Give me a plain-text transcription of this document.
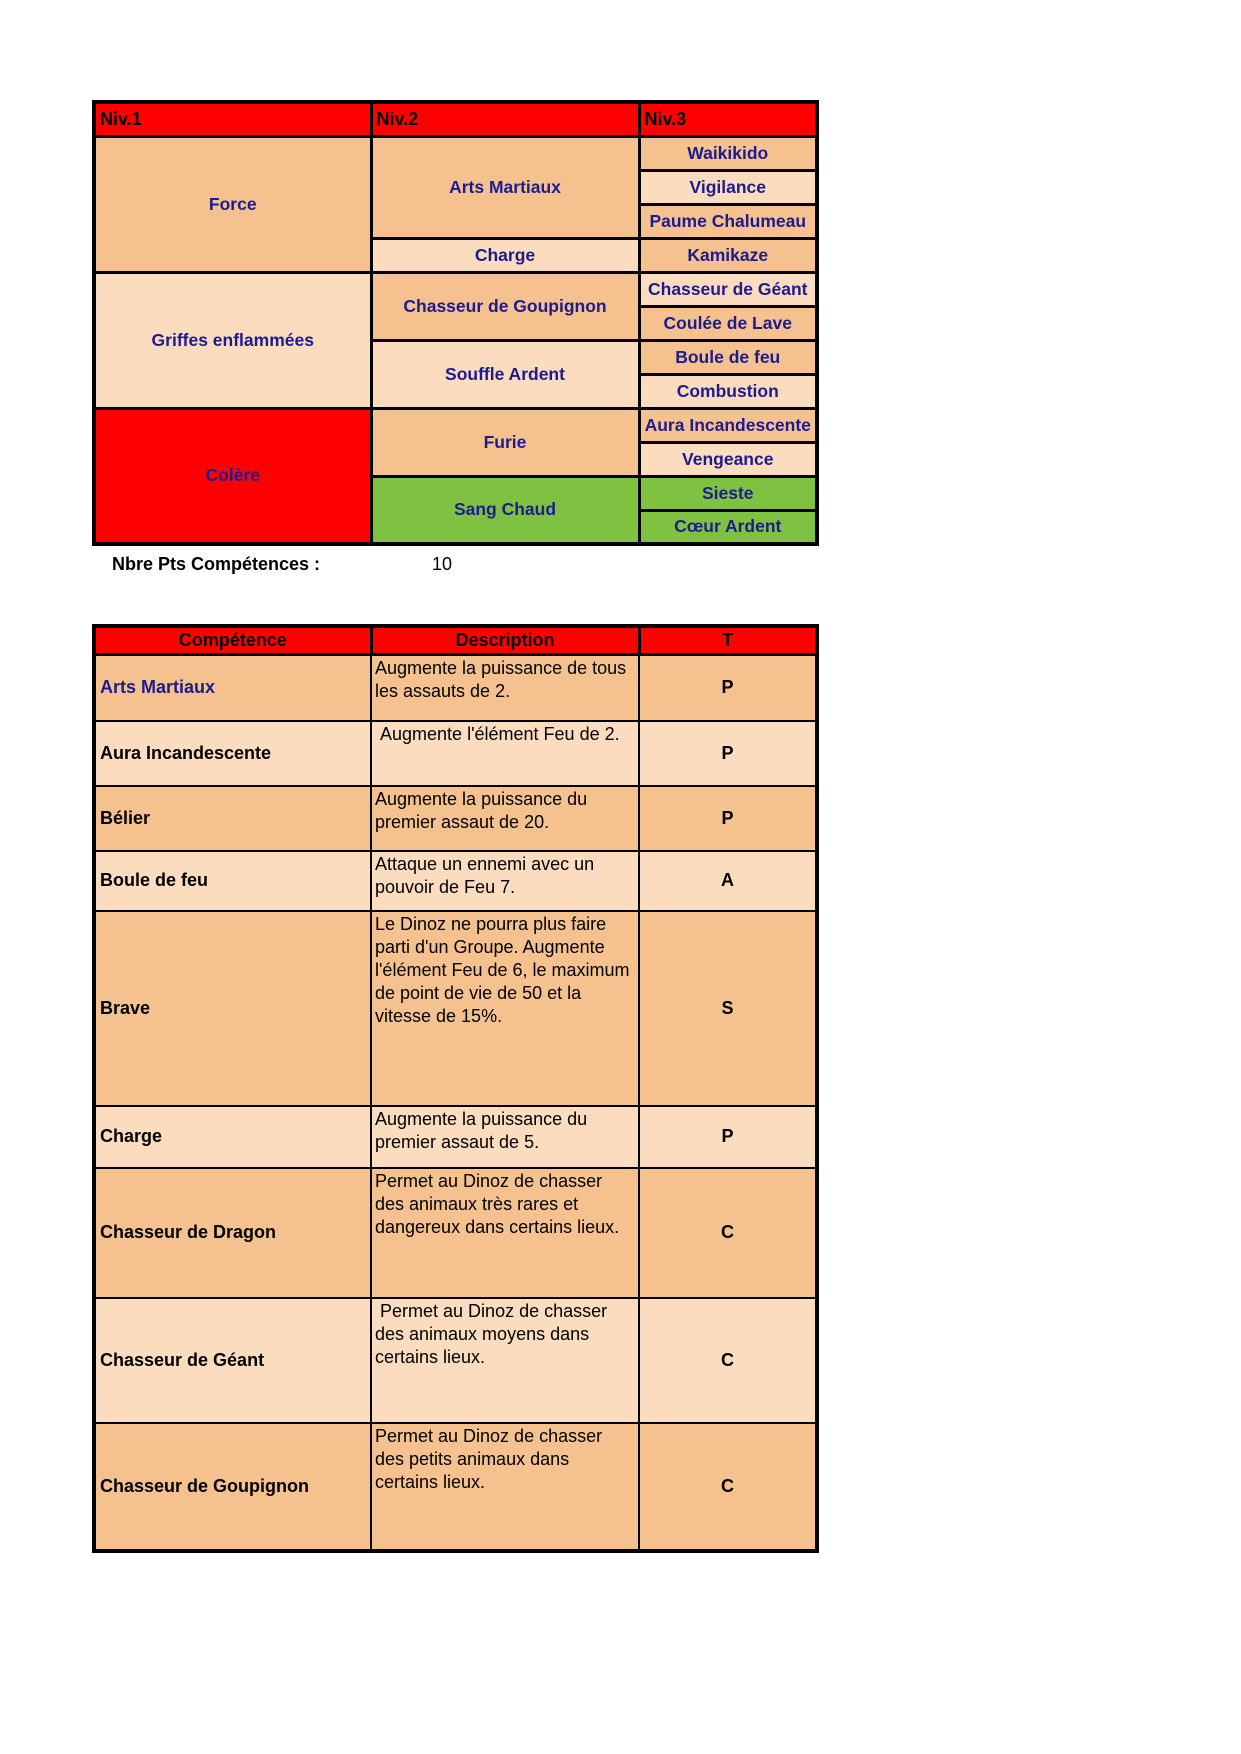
Niv.1	Niv.2	Niv.3
Force	Arts Martiaux	Waikikido
		Vigilance
		Paume Chalumeau
	Charge	Kamikaze
Griffes enflammées	Chasseur de Goupignon	Chasseur de Géant
		Coulée de Lave
	Souffle Ardent	Boule de feu
		Combustion
Colère	Furie	Aura Incandescente
		Vengeance
	Sang Chaud	Sieste
		Cœur Ardent
Nbre Pts Compétences :	10
Compétence	Description	T
Arts Martiaux	Augmente la puissance de tous les assauts de 2.	P
Aura Incandescente	Augmente l'élément Feu de 2.	P
Bélier	Augmente la puissance du premier assaut de 20.	P
Boule de feu	Attaque un ennemi avec un pouvoir de Feu 7.	A
Brave	Le Dinoz ne pourra plus faire parti d'un Groupe. Augmente l'élément Feu de 6, le maximum de point de vie de 50 et la vitesse de 15%.	S
Charge	Augmente la puissance du premier assaut de 5.	P
Chasseur de Dragon	Permet au Dinoz de chasser des animaux très rares et dangereux dans certains lieux.	C
Chasseur de Géant	Permet au Dinoz de chasser des animaux moyens dans certains lieux.	C
Chasseur de Goupignon	Permet au Dinoz de chasser des petits animaux dans certains lieux.	C
